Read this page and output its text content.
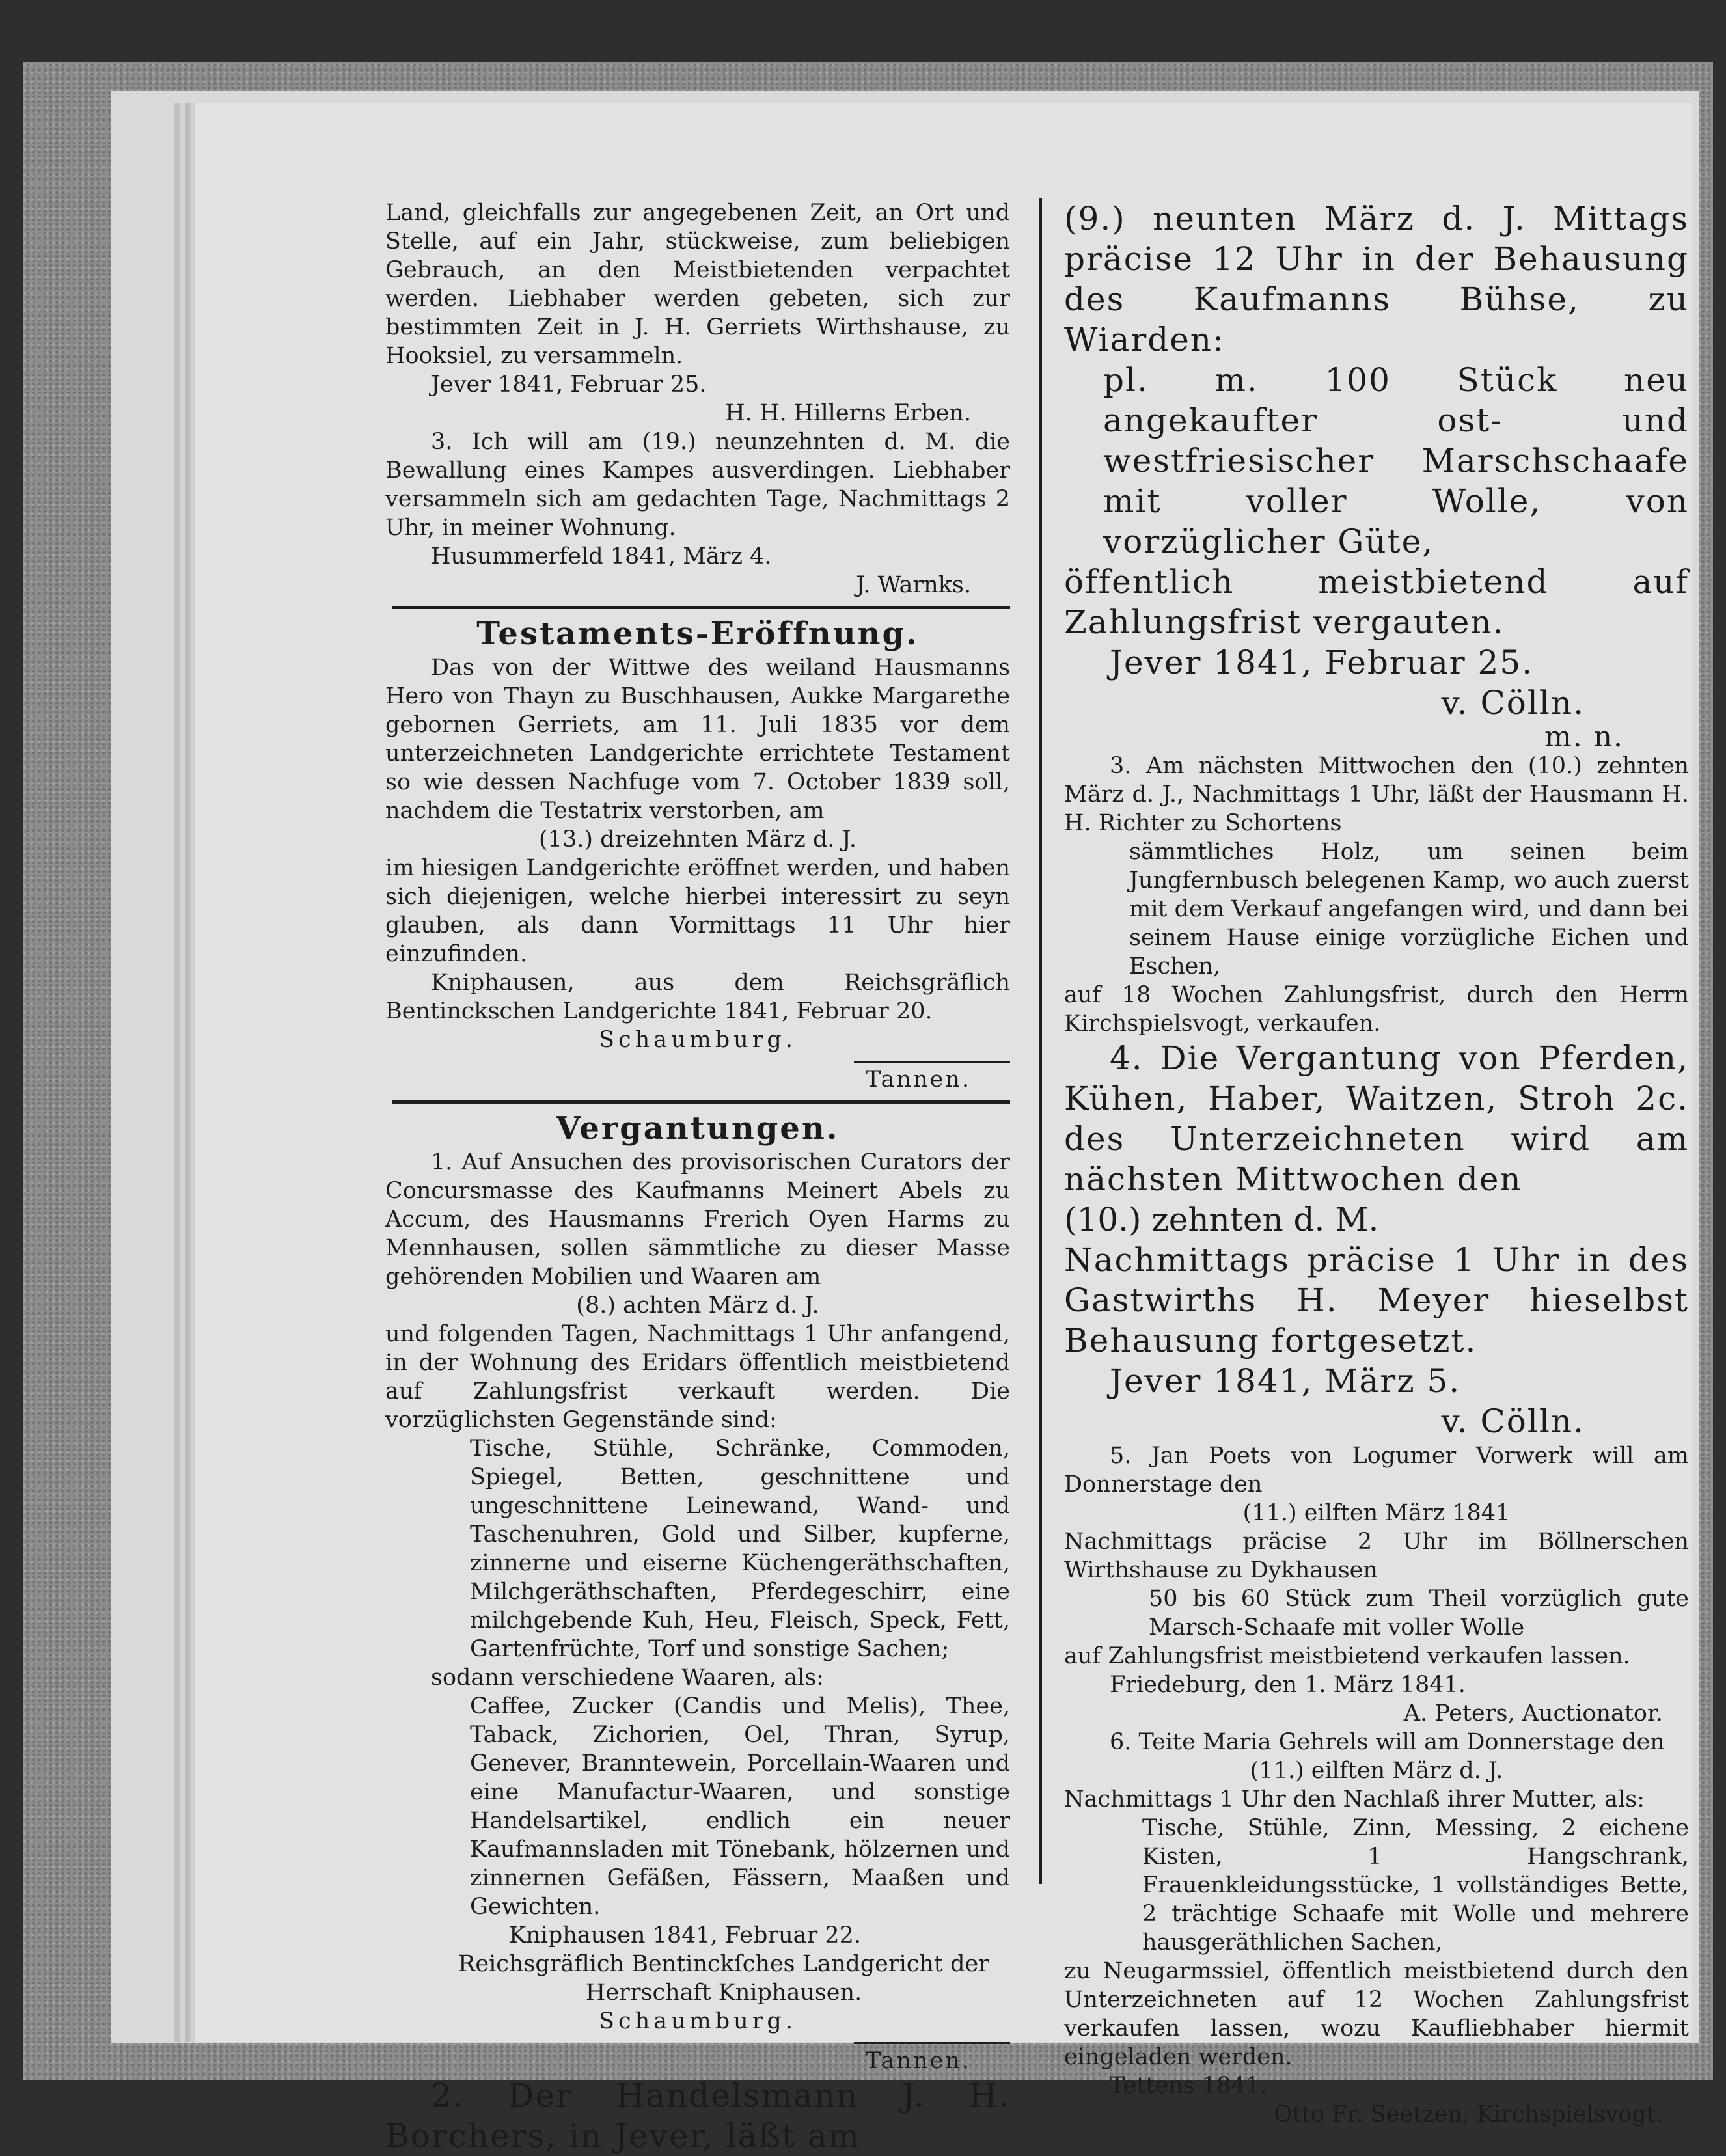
Land, gleichfalls zur angegebenen Zeit, an Ort und Stelle, auf ein Jahr, stückweise, zum beliebigen Gebrauch, an den Meistbietenden verpachtet werden. Liebhaber werden gebeten, sich zur bestimmten Zeit in J. H. Gerriets Wirthshause, zu Hooksiel, zu versammeln.

Jever 1841, Februar 25.

H. H. Hillerns Erben.

3. Ich will am (19.) neunzehnten d. M. die Bewallung eines Kampes ausverdingen. Liebhaber versammeln sich am gedachten Tage, Nachmittags 2 Uhr, in meiner Wohnung.

Husummerfeld 1841, März 4.

J. Warnks.

Testaments-Eröffnung.

Das von der Wittwe des weiland Hausmanns Hero von Thayn zu Buschhausen, Aukke Margarethe gebornen Gerriets, am 11. Juli 1835 vor dem unterzeichneten Landgerichte errichtete Testament so wie dessen Nachfuge vom 7. October 1839 soll, nachdem die Testatrix verstorben, am

(13.) dreizehnten März d. J.

im hiesigen Landgerichte eröffnet werden, und haben sich diejenigen, welche hierbei interessirt zu seyn glauben, als dann Vormittags 11 Uhr hier einzufinden.

Kniphausen, aus dem Reichsgräflich Bentinckschen Landgerichte 1841, Februar 20.

Schaumburg.

Tannen.

Vergantungen.

1. Auf Ansuchen des provisorischen Curators der Concursmasse des Kaufmanns Meinert Abels zu Accum, des Hausmanns Frerich Oyen Harms zu Mennhausen, sollen sämmtliche zu dieser Masse gehörenden Mobilien und Waaren am

(8.) achten März d. J.

und folgenden Tagen, Nachmittags 1 Uhr anfangend, in der Wohnung des Eridars öffentlich meistbietend auf Zahlungsfrist verkauft werden. Die vorzüglichsten Gegenstände sind:

Tische, Stühle, Schränke, Commoden, Spiegel, Betten, geschnittene und ungeschnittene Leinewand, Wand- und Taschenuhren, Gold und Silber, kupferne, zinnerne und eiserne Küchengeräthschaften, Milchgeräthschaften, Pferdegeschirr, eine milchgebende Kuh, Heu, Fleisch, Speck, Fett, Gartenfrüchte, Torf und sonstige Sachen;

sodann verschiedene Waaren, als:

Caffee, Zucker (Candis und Melis), Thee, Taback, Zichorien, Oel, Thran, Syrup, Genever, Branntewein, Porcellain-Waaren und eine Manufactur-Waaren, und sonstige Handelsartikel, endlich ein neuer Kaufmannsladen mit Tönebank, hölzernen und zinnernen Gefäßen, Fässern, Maaßen und Gewichten.

Kniphausen 1841, Februar 22.

Reichsgräflich Bentinckſches Landgericht der Herrschaft Kniphausen.

Schaumburg.

Tannen.

2. Der Handelsmann J. H. Borchers, in Jever, läßt am

(9.) neunten März d. J. Mittags präcise 12 Uhr in der Behausung des Kaufmanns Bühse, zu Wiarden:

pl. m. 100 Stück neu angekaufter ost- und westfriesischer Marschschaafe mit voller Wolle, von vorzüglicher Güte,

öffentlich meistbietend auf Zahlungsfrist vergauten.

Jever 1841, Februar 25.

v. Cölln.

m. n.

3. Am nächsten Mittwochen den (10.) zehnten März d. J., Nachmittags 1 Uhr, läßt der Hausmann H. H. Richter zu Schortens

sämmtliches Holz, um seinen beim Jungfernbusch belegenen Kamp, wo auch zuerst mit dem Verkauf angefangen wird, und dann bei seinem Hause einige vorzügliche Eichen und Eschen,

auf 18 Wochen Zahlungsfrist, durch den Herrn Kirchspielsvogt, verkaufen.

4. Die Vergantung von Pferden, Kühen, Haber, Waitzen, Stroh 2c. des Unterzeichneten wird am nächsten Mittwochen den

(10.) zehnten d. M.

Nachmittags präcise 1 Uhr in des Gastwirths H. Meyer hieselbst Behausung fortgesetzt.

Jever 1841, März 5.

v. Cölln.

5. Jan Poets von Logumer Vorwerk will am Donnerstage den

(11.) eilften März 1841

Nachmittags präcise 2 Uhr im Böllnerschen Wirthshause zu Dykhausen

50 bis 60 Stück zum Theil vorzüglich gute Marsch-Schaafe mit voller Wolle

auf Zahlungsfrist meistbietend verkaufen lassen.

Friedeburg, den 1. März 1841.

A. Peters, Auctionator.

6. Teite Maria Gehrels will am Donnerstage den

(11.) eilften März d. J.

Nachmittags 1 Uhr den Nachlaß ihrer Mutter, als:

Tische, Stühle, Zinn, Messing, 2 eichene Kisten, 1 Hangschrank, Frauenkleidungsstücke, 1 vollständiges Bette, 2 trächtige Schaafe mit Wolle und mehrere hausgeräthlichen Sachen,

zu Neugarmssiel, öffentlich meistbietend durch den Unterzeichneten auf 12 Wochen Zahlungsfrist verkaufen lassen, wozu Kaufliebhaber hiermit eingeladen werden.

Tettens 1841.

Otto Fr. Seetzen, Kirchspielsvogt.
